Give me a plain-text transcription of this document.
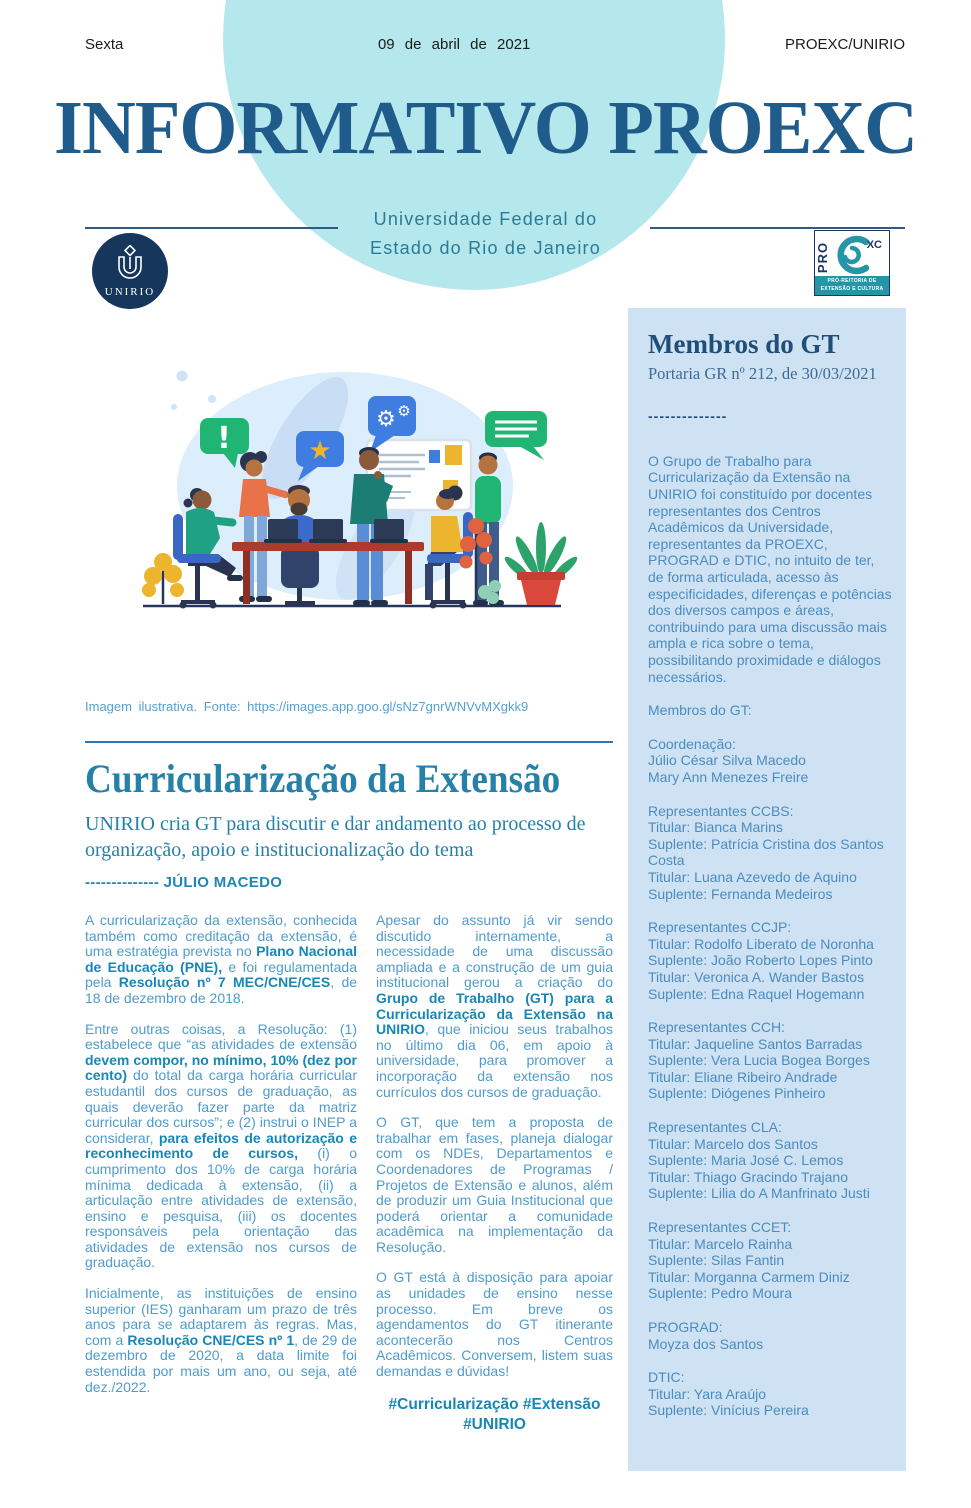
Sexta	09 de abril de 2021	PROEXC/UNIRIO
INFORMATIVO PROEXC
Universidade Federal do
Estado do Rio de Janeiro
UNIRIO
PRO	XC
PRÓ-REITORIA DE
EXTENSÃO E CULTURA
Membros do GT
Portaria GR nº 212, de 30/03/2021
--------------
O Grupo de Trabalho para Curricularização da Extensão na UNIRIO foi constituído por docentes representantes dos Centros Acadêmicos da Universidade, representantes da PROEXC, PROGRAD e DTIC, no intuito de ter, de forma articulada, acesso às especificidades, diferenças e potências dos diversos campos e áreas, contribuindo para uma discussão mais ampla e rica sobre o tema, possibilitando proximidade e diálogos necessários.
Membros do GT:
Coordenação:
Júlio César Silva Macedo
Mary Ann Menezes Freire
Representantes CCBS:
Titular: Bianca Marins
Suplente: Patrícia Cristina dos Santos Costa
Titular: Luana Azevedo de Aquino
Suplente: Fernanda Medeiros
Representantes CCJP:
Titular: Rodolfo Liberato de Noronha
Suplente: João Roberto Lopes Pinto
Titular: Veronica A. Wander Bastos
Suplente: Edna Raquel Hogemann
Representantes CCH:
Titular: Jaqueline Santos Barradas
Suplente: Vera Lucia Bogea Borges
Titular: Eliane Ribeiro Andrade
Suplente: Diógenes Pinheiro
Representantes CLA:
Titular: Marcelo dos Santos
Suplente: Maria José C. Lemos
Titular: Thiago Gracindo Trajano
Suplente: Lilia do A Manfrinato Justi
Representantes CCET:
Titular: Marcelo Rainha
Suplente: Silas Fantin
Titular: Morganna Carmem Diniz
Suplente: Pedro Moura
PROGRAD:
Moyza dos Santos
DTIC:
Titular: Yara Araújo
Suplente: Vinícius Pereira
!	★
⚙ ⚙
Imagem ilustrativa. Fonte: https://images.app.goo.gl/sNz7gnrWNVvMXgkk9
Curricularização da Extensão
UNIRIO cria GT para discutir e dar andamento ao processo de organização, apoio e institucionalização do tema
-------------- JÚLIO MACEDO

A curricularização da extensão, conhecida também como creditação da extensão, é uma estratégia prevista no Plano Nacional de Educação (PNE), e foi regulamentada pela Resolução nº 7 MEC/CNE/CES, de 18 de dezembro de 2018.

Entre outras coisas, a Resolução: (1) estabelece que “as atividades de extensão devem compor, no mínimo, 10% (dez por cento) do total da carga horária curricular estudantil dos cursos de graduação, as quais deverão fazer parte da matriz curricular dos cursos”; e (2) instrui o INEP a considerar, para efeitos de autorização e reconhecimento de cursos, (i) o cumprimento dos 10% de carga horária mínima dedicada à extensão, (ii) a articulação entre atividades de extensão, ensino e pesquisa, (iii) os docentes responsáveis pela orientação das atividades de extensão nos cursos de graduação.

Inicialmente, as instituições de ensino superior (IES) ganharam um prazo de três anos para se adaptarem às regras. Mas, com a Resolução CNE/CES nº 1, de 29 de dezembro de 2020, a data limite foi estendida por mais um ano, ou seja, até dez./2022.

Apesar do assunto já vir sendo discutido internamente, a necessidade de uma discussão ampliada e a construção de um guia institucional gerou a criação do Grupo de Trabalho (GT) para a Curricularização da Extensão na UNIRIO, que iniciou seus trabalhos no último dia 06, em apoio à universidade, para promover a incorporação da extensão nos currículos dos cursos de graduação.

O GT, que tem a proposta de trabalhar em fases, planeja dialogar com os NDEs, Departamentos e Coordenadores de Programas / Projetos de Extensão e alunos, além de produzir um Guia Institucional que poderá orientar a comunidade acadêmica na implementação da Resolução.

O GT está à disposição para apoiar as unidades de ensino nesse processo. Em breve os agendamentos do GT itinerante acontecerão nos Centros Acadêmicos. Conversem, listem suas demandas e dúvidas!

#Curricularização #Extensão
#UNIRIO
